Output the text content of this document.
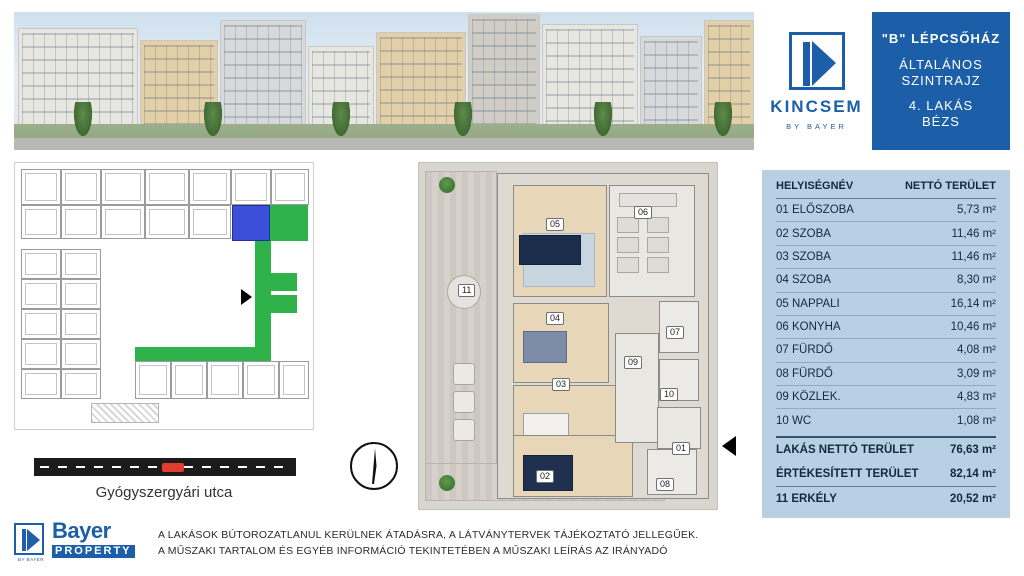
KINCSEM
BY BAYER
"B" LÉPCSŐHÁZ
ÁLTALÁNOS
SZINTRAJZ
4. LAKÁS
BÉZS
Gyógyszergyári utca
05
06
04
03
02
09
07
10
01
08
11
HELYISÉGNÉV	NETTÓ TERÜLET
01 ELŐSZOBA	5,73 m²
02 SZOBA	11,46 m²
03 SZOBA	11,46 m²
04 SZOBA	8,30 m²
05 NAPPALI	16,14 m²
06 KONYHA	10,46 m²
07 FÜRDŐ	4,08 m²
08 FÜRDŐ	3,09 m²
09 KÖZLEK.	4,83 m²
10 WC	1,08 m²
LAKÁS NETTÓ TERÜLET	76,63 m²
ÉRTÉKESÍTETT TERÜLET	82,14 m²
11 ERKÉLY	20,52 m²
BY BAYER
Bayer
PROPERTY
A LAKÁSOK BÚTOROZATLANUL KERÜLNEK ÁTADÁSRA, A LÁTVÁNYTERVEK TÁJÉKOZTATÓ JELLEGŰEK.
A MŰSZAKI TARTALOM ÉS EGYÉB INFORMÁCIÓ TEKINTETÉBEN A MŰSZAKI LEÍRÁS AZ IRÁNYADÓ
